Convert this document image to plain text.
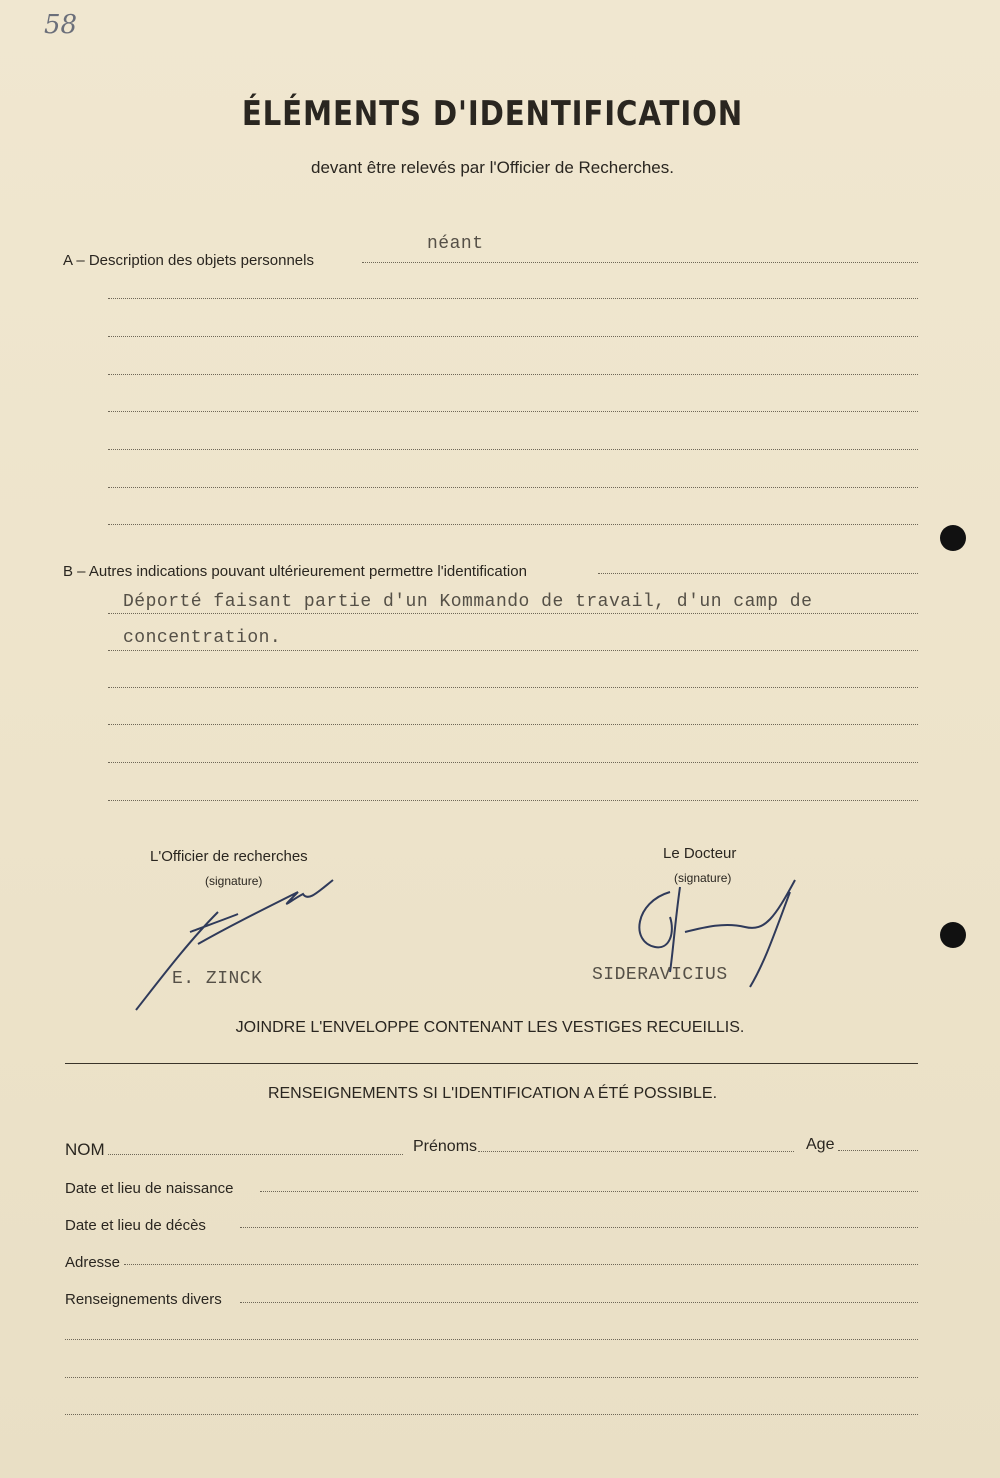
58
ÉLÉMENTS D'IDENTIFICATION
devant être relevés par l'Officier de Recherches.
A – Description des objets personnels
néant
B – Autres indications pouvant ultérieurement permettre l'identification
Déporté faisant partie d'un Kommando de travail, d'un camp de
concentration.
L'Officier de recherches
(signature)
E. ZINCK
Le Docteur
(signature)
SIDERAVICIUS
JOINDRE L'ENVELOPPE CONTENANT LES VESTIGES RECUEILLIS.
RENSEIGNEMENTS SI L'IDENTIFICATION A ÉTÉ POSSIBLE.
NOM	Prénoms	Age
Date et lieu de naissance
Date et lieu de décès
Adresse
Renseignements divers
